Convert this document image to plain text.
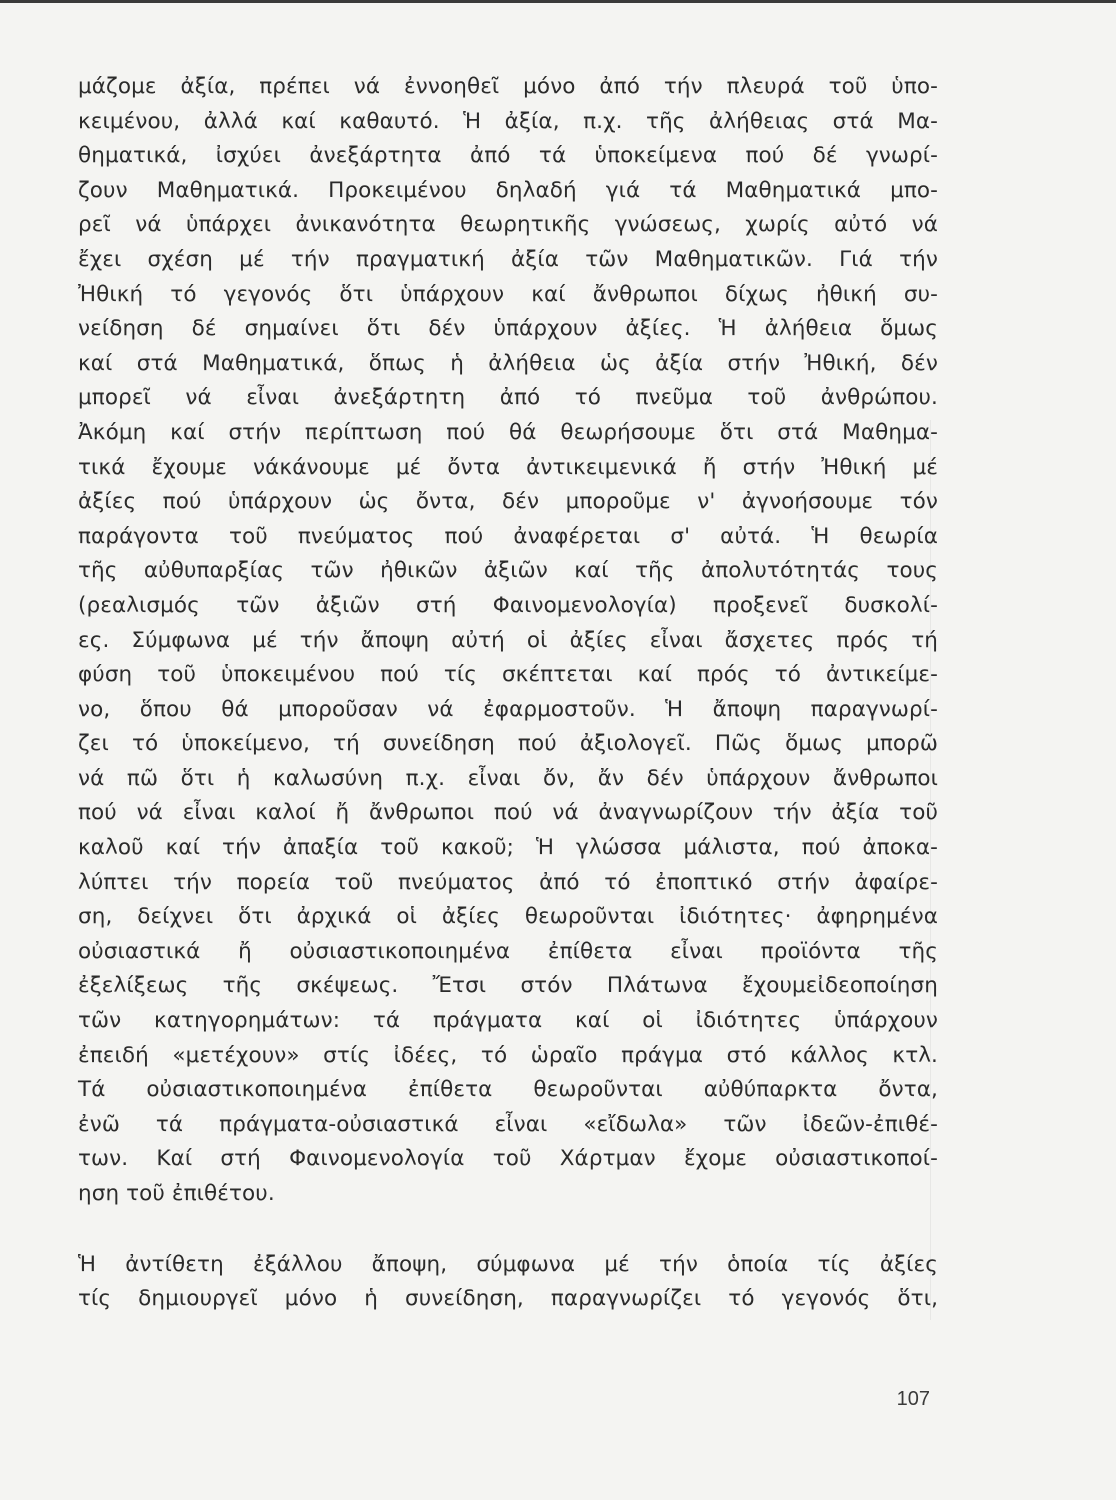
μάζομε ἀξία, πρέπει νά ἐννοηθεῖ μόνο ἀπό τήν πλευρά τοῦ ὑπο-
κειμένου, ἀλλά καί καθαυτό. Ἡ ἀξία, π.χ. τῆς ἀλήθειας στά Μα-
θηματικά, ἰσχύει ἀνεξάρτητα ἀπό τά ὑποκείμενα πού δέ γνωρί-
ζουν Μαθηματικά. Προκειμένου δηλαδή γιά τά Μαθηματικά μπο-
ρεῖ νά ὑπάρχει ἀνικανότητα θεωρητικῆς γνώσεως, χωρίς αὐτό νά
ἔχει σχέση μέ τήν πραγματική ἀξία τῶν Μαθηματικῶν. Γιά τήν
Ἠθική τό γεγονός ὅτι ὑπάρχουν καί ἄνθρωποι δίχως ἠθική συ-
νείδηση δέ σημαίνει ὅτι δέν ὑπάρχουν ἀξίες. Ἡ ἀλήθεια ὅμως
καί στά Μαθηματικά, ὅπως ἡ ἀλήθεια ὡς ἀξία στήν Ἠθική, δέν
μπορεῖ νά εἶναι ἀνεξάρτητη ἀπό τό πνεῦμα τοῦ ἀνθρώπου.
Ἀκόμη καί στήν περίπτωση πού θά θεωρήσουμε ὅτι στά Μαθημα-
τικά ἔχουμε νάκάνουμε μέ ὄντα ἀντικειμενικά ἤ στήν Ἠθική μέ
ἀξίες πού ὑπάρχουν ὡς ὄντα, δέν μποροῦμε ν' ἀγνοήσουμε τόν
παράγοντα τοῦ πνεύματος πού ἀναφέρεται σ' αὐτά. Ἡ θεωρία
τῆς αὐθυπαρξίας τῶν ἠθικῶν ἀξιῶν καί τῆς ἀπολυτότητάς τους
(ρεαλισμός τῶν ἀξιῶν στή Φαινομενολογία) προξενεῖ δυσκολί-
ες. Σύμφωνα μέ τήν ἄποψη αὐτή οἱ ἀξίες εἶναι ἄσχετες πρός τή
φύση τοῦ ὑποκειμένου πού τίς σκέπτεται καί πρός τό ἀντικείμε-
νο, ὅπου θά μποροῦσαν νά ἐφαρμοστοῦν. Ἡ ἄποψη παραγνωρί-
ζει τό ὑποκείμενο, τή συνείδηση πού ἀξιολογεῖ. Πῶς ὅμως μπορῶ
νά πῶ ὅτι ἡ καλωσύνη π.χ. εἶναι ὄν, ἄν δέν ὑπάρχουν ἄνθρωποι
πού νά εἶναι καλοί ἤ ἄνθρωποι πού νά ἀναγνωρίζουν τήν ἀξία τοῦ
καλοῦ καί τήν ἀπαξία τοῦ κακοῦ; Ἡ γλώσσα μάλιστα, πού ἀποκα-
λύπτει τήν πορεία τοῦ πνεύματος ἀπό τό ἐποπτικό στήν ἀφαίρε-
ση, δείχνει ὅτι ἀρχικά οἱ ἀξίες θεωροῦνται ἰδιότητες· ἀφηρημένα
οὐσιαστικά ἤ οὐσιαστικοποιημένα ἐπίθετα εἶναι προϊόντα τῆς
ἐξελίξεως τῆς σκέψεως. Ἔτσι στόν Πλάτωνα ἔχουμεἰδεοποίηση
τῶν κατηγορημάτων: τά πράγματα καί οἱ ἰδιότητες ὑπάρχουν
ἐπειδή «μετέχουν» στίς ἰδέες, τό ὡραῖο πράγμα στό κάλλος κτλ.
Τά οὐσιαστικοποιημένα ἐπίθετα θεωροῦνται αὐθύπαρκτα ὄντα,
ἐνῶ τά πράγματα-οὐσιαστικά εἶναι «εἴδωλα» τῶν ἰδεῶν-ἐπιθέ-
των. Καί στή Φαινομενολογία τοῦ Χάρτμαν ἔχομε οὐσιαστικοποί-
ηση τοῦ ἐπιθέτου.
Ἡ ἀντίθετη ἐξάλλου ἄποψη, σύμφωνα μέ τήν ὁποία τίς ἀξίες
τίς δημιουργεῖ μόνο ἡ συνείδηση, παραγνωρίζει τό γεγονός ὅτι,
107
